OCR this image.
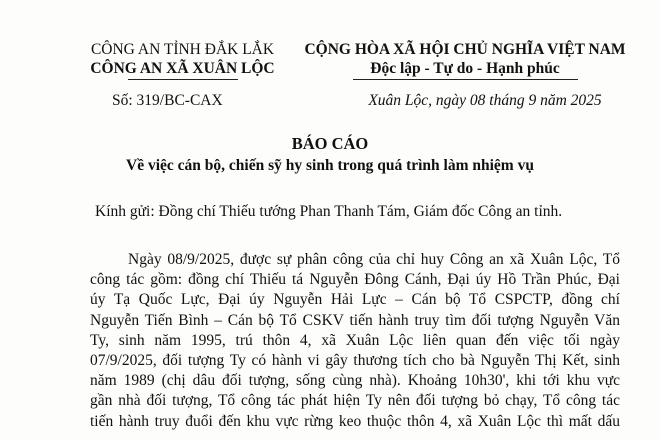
CÔNG AN TỈNH ĐẮK LẮK
CÔNG AN XÃ XUÂN LỘC
CỘNG HÒA XÃ HỘI CHỦ NGHĨA VIỆT NAM
Độc lập - Tự do - Hạnh phúc
Số: 319/BC-CAX	Xuân Lộc, ngày 08 tháng 9 năm 2025
BÁO CÁO
Về việc cán bộ, chiến sỹ hy sinh trong quá trình làm nhiệm vụ
Kính gửi: Đồng chí Thiếu tướng Phan Thanh Tám, Giám đốc Công an tỉnh.
Ngày 08/9/2025, được sự phân công của chỉ huy Công an xã Xuân Lộc, Tổ
công tác gồm: đồng chí Thiếu tá Nguyễn Đông Cánh, Đại úy Hồ Trần Phúc, Đại
úy Tạ Quốc Lực, Đại úy Nguyễn Hải Lực – Cán bộ Tổ CSPCTP, đồng chí
Nguyễn Tiến Bình – Cán bộ Tổ CSKV tiến hành truy tìm đối tượng Nguyễn Văn
Ty, sinh năm 1995, trú thôn 4, xã Xuân Lộc liên quan đến việc tối ngày
07/9/2025, đối tượng Ty có hành vi gây thương tích cho bà Nguyễn Thị Kết, sinh
năm 1989 (chị dâu đối tượng, sống cùng nhà). Khoảng 10h30', khi tới khu vực
gần nhà đối tượng, Tổ công tác phát hiện Ty nên đối tượng bỏ chạy, Tổ công tác
tiến hành truy đuổi đến khu vực rừng keo thuộc thôn 4, xã Xuân Lộc thì mất dấu
